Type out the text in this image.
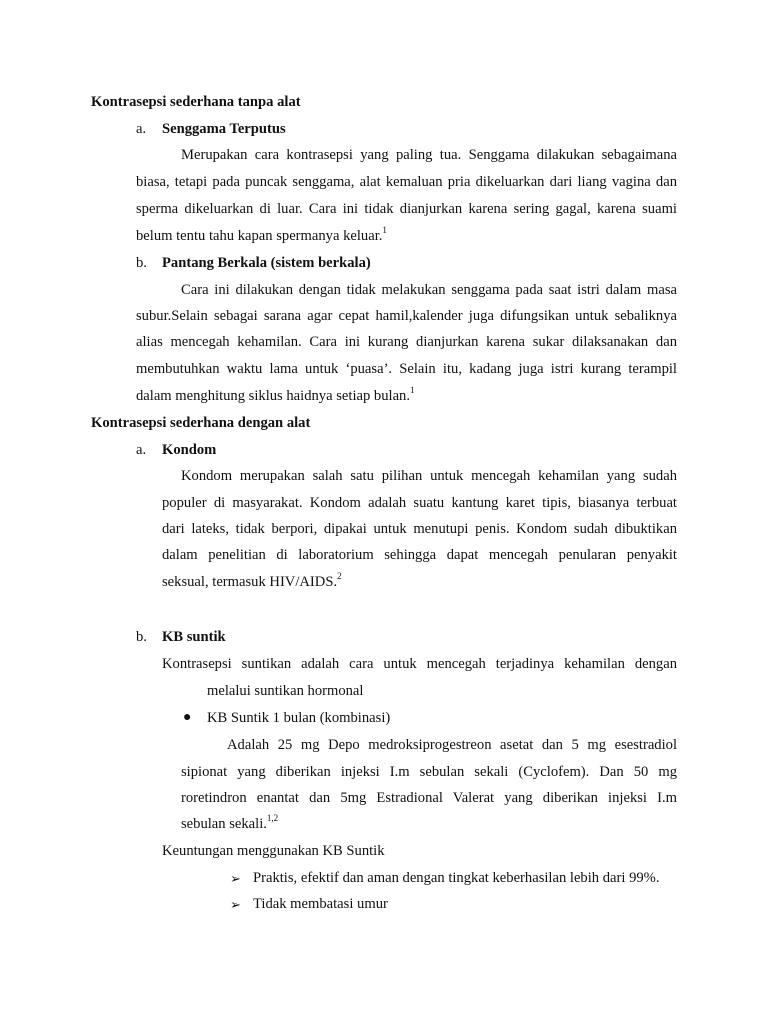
Kontrasepsi sederhana tanpa alat
a. Senggama Terputus
Merupakan cara kontrasepsi yang paling tua. Senggama dilakukan sebagaimana
biasa, tetapi pada puncak senggama, alat kemaluan pria dikeluarkan dari liang vagina dan
sperma dikeluarkan di luar. Cara ini tidak dianjurkan karena sering gagal, karena suami
belum tentu tahu kapan spermanya keluar.$^1$
b. Pantang Berkala (sistem berkala)
Cara ini dilakukan dengan tidak melakukan senggama pada saat istri dalam masa
subur.Selain sebagai sarana agar cepat hamil,kalender juga difungsikan untuk sebaliknya
alias mencegah kehamilan. Cara ini kurang dianjurkan karena sukar dilaksanakan dan
membutuhkan waktu lama untuk ‘puasa’. Selain itu, kadang juga istri kurang terampil
dalam menghitung siklus haidnya setiap bulan.$^1$
Kontrasepsi sederhana dengan alat
a. Kondom
Kondom merupakan salah satu pilihan untuk mencegah kehamilan yang sudah
populer di masyarakat. Kondom adalah suatu kantung karet tipis, biasanya terbuat
dari lateks, tidak berpori, dipakai untuk menutupi penis. Kondom sudah dibuktikan
dalam penelitian di laboratorium sehingga dapat mencegah penularan penyakit
seksual, termasuk HIV/AIDS.$^2$
b. KB suntik
Kontrasepsi suntikan adalah cara untuk mencegah terjadinya kehamilan dengan
melalui suntikan hormonal
● KB Suntik 1 bulan (kombinasi)
Adalah 25 mg Depo medroksiprogestreon asetat dan 5 mg esestradiol
sipionat yang diberikan injeksi I.m sebulan sekali (Cyclofem). Dan 50 mg
roretindron enantat dan 5mg Estradional Valerat yang diberikan injeksi I.m
sebulan sekali.$^{1,2}$
Keuntungan menggunakan KB Suntik
➢ Praktis, efektif dan aman dengan tingkat keberhasilan lebih dari 99%.
➢ Tidak membatasi umur
